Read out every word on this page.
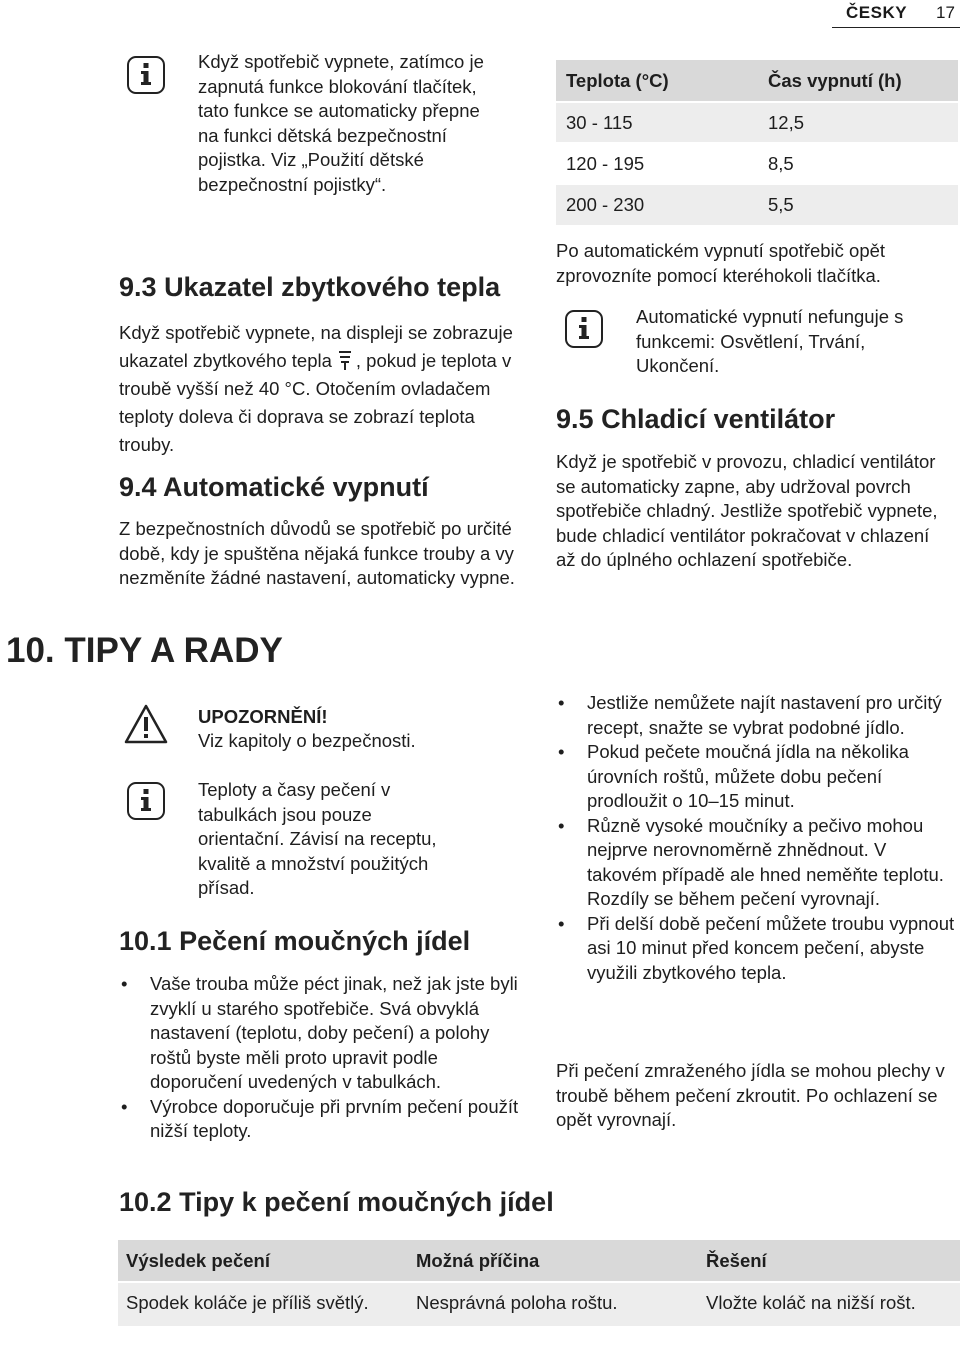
ČESKY 17

Když spotřebič vypnete, zatímco je zapnutá funkce blokování tlačítek, tato funkce se automaticky přepne na funkci dětská bezpečnostní pojistka. Viz „Použití dětské bezpečnostní pojistky“.

9.3 Ukazatel zbytkového tepla

Když spotřebič vypnete, na displeji se zobrazuje ukazatel zbytkového tepla , pokud je teplota v troubě vyšší než 40 °C. Otočením ovladačem teploty doleva či doprava se zobrazí teplota trouby.

9.4 Automatické vypnutí

Z bezpečnostních důvodů se spotřebič po určité době, kdy je spuštěna nějaká funkce trouby a vy nezměníte žádné nastavení, automaticky vypne.

Teplota (°C)	Čas vypnutí (h)
30 - 115	12,5
120 - 195	8,5
200 - 230	5,5

Po automatickém vypnutí spotřebič opět zprovozníte pomocí kteréhokoli tlačítka.

Automatické vypnutí nefunguje s funkcemi: Osvětlení, Trvání, Ukončení.

9.5 Chladicí ventilátor

Když je spotřebič v provozu, chladicí ventilátor se automaticky zapne, aby udržoval povrch spotřebiče chladný. Jestliže spotřebič vypnete, bude chladicí ventilátor pokračovat v chlazení až do úplného ochlazení spotřebiče.

10. TIPY A RADY
UPOZORNĚNÍ!
Viz kapitoly o bezpečnosti.

Teploty a časy pečení v tabulkách jsou pouze orientační. Závisí na receptu, kvalitě a množství použitých přísad.

10.1 Pečení moučných jídel
• Vaše trouba může péct jinak, než jak jste byli zvyklí u starého spotřebiče. Svá obvyklá nastavení (teplotu, doby pečení) a polohy roštů byste měli proto upravit podle doporučení uvedených v tabulkách.
• Výrobce doporučuje při prvním pečení použít nižší teploty.
• Jestliže nemůžete najít nastavení pro určitý recept, snažte se vybrat podobné jídlo.
• Pokud pečete moučná jídla na několika úrovních roštů, můžete dobu pečení prodloužit o 10–15 minut.
• Různě vysoké moučníky a pečivo mohou nejprve nerovnoměrně zhnědnout. V takovém případě ale hned neměňte teplotu. Rozdíly se během pečení vyrovnají.
• Při delší době pečení můžete troubu vypnout asi 10 minut před koncem pečení, abyste využili zbytkového tepla.

Při pečení zmraženého jídla se mohou plechy v troubě během pečení zkroutit. Po ochlazení se opět vyrovnají.

10.2 Tipy k pečení moučných jídel
Výsledek pečení	Možná příčina	Řešení
Spodek koláče je příliš světlý.	Nesprávná poloha roštu.	Vložte koláč na nižší rošt.
